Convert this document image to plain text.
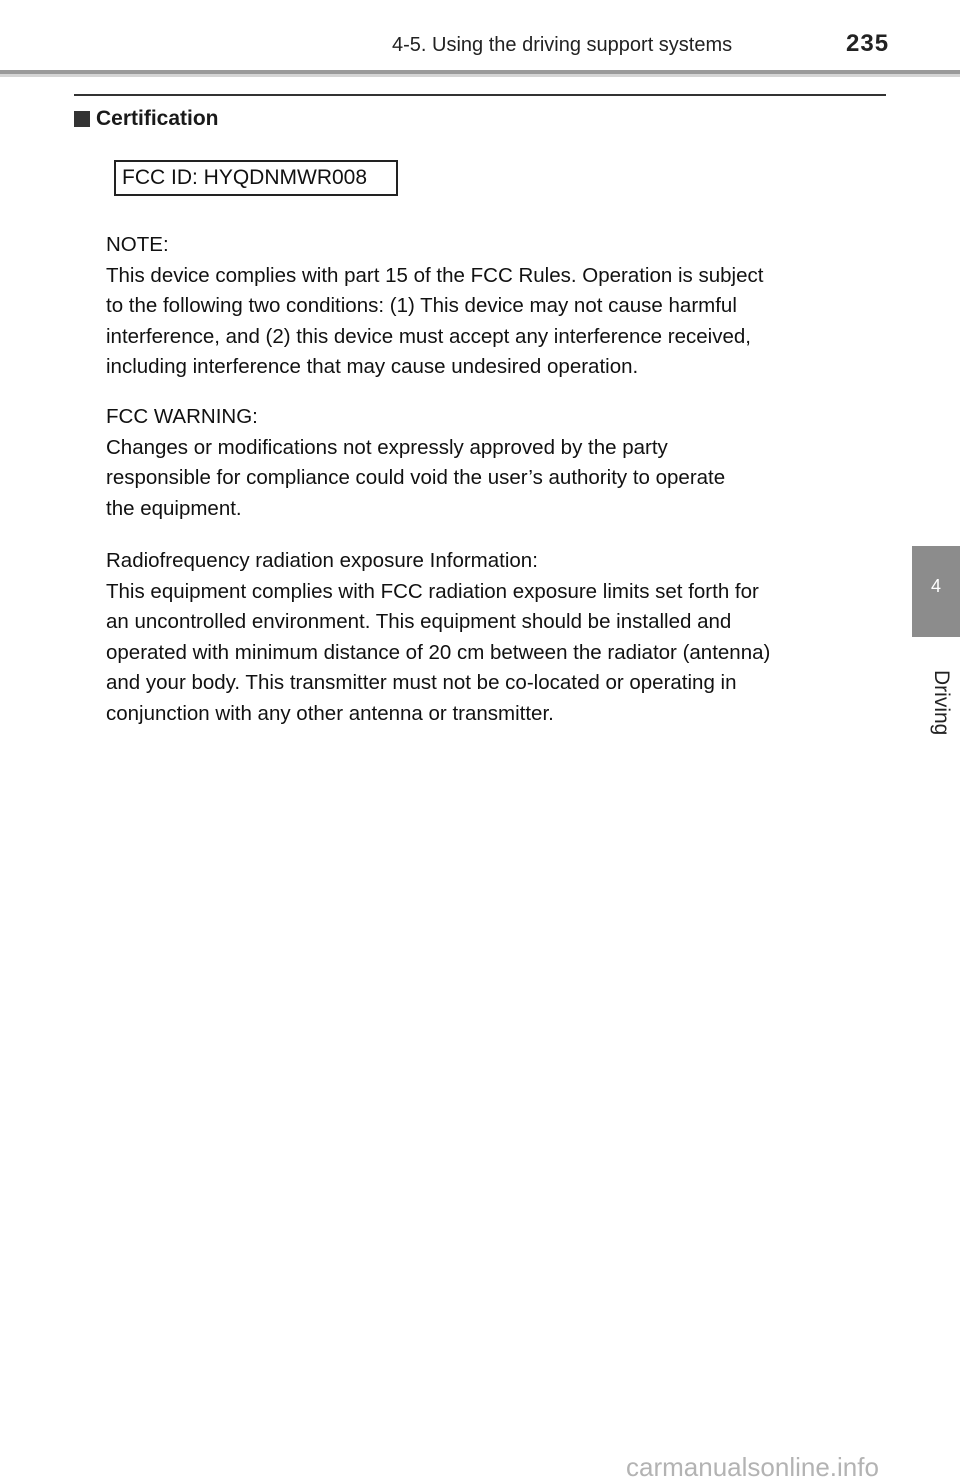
4-5. Using the driving support systems	235
Certification
FCC ID: HYQDNMWR008

NOTE:

This device complies with part 15 of the FCC Rules. Operation is subject

to the following two conditions: (1) This device may not cause harmful

interference, and (2) this device must accept any interference received,

including interference that may cause undesired operation.

FCC WARNING:

Changes or modifications not expressly approved by the party

responsible for compliance could void the user’s authority to operate

the equipment.

Radiofrequency radiation exposure Information:

This equipment complies with FCC radiation exposure limits set forth for

an uncontrolled environment. This equipment should be installed and

operated with minimum distance of 20 cm between the radiator (antenna)

and your body. This transmitter must not be co-located or operating in

conjunction with any other antenna or transmitter.

4
Driving
carmanualsonline.info
